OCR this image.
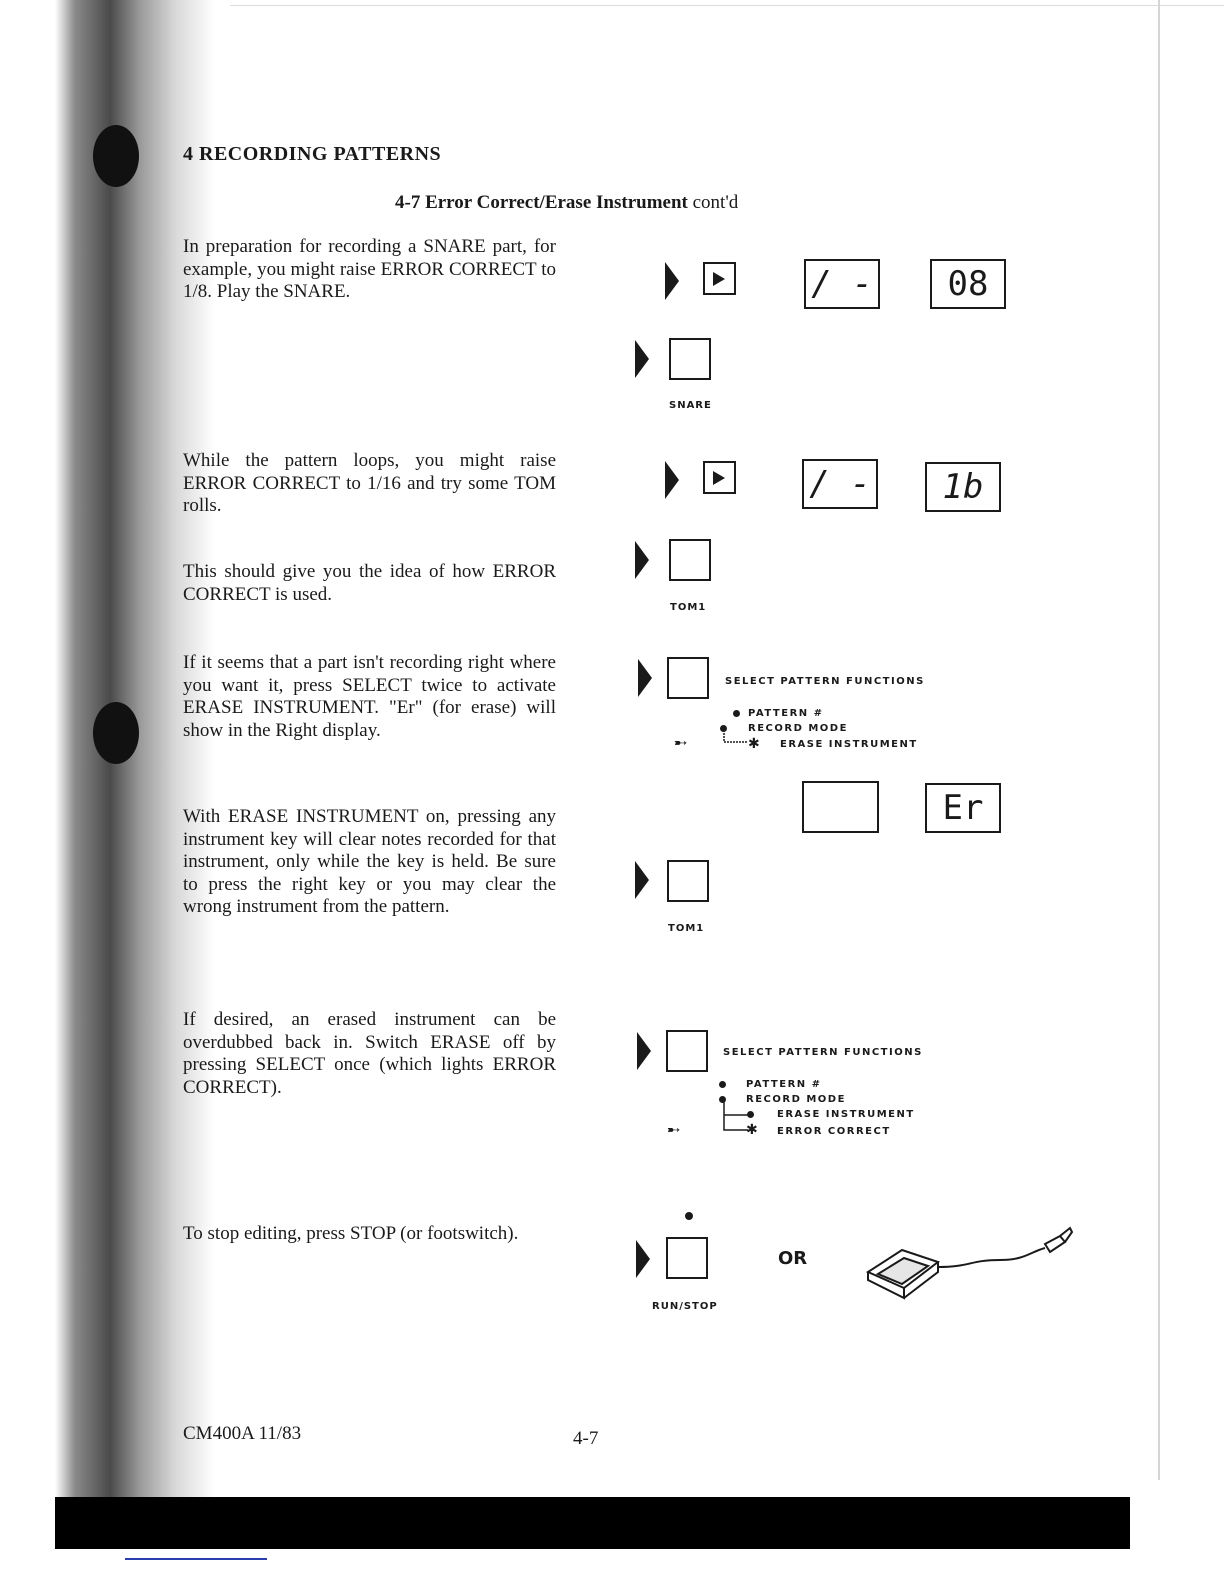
4 RECORDING PATTERNS
4-7 Error Correct/Erase Instrument cont'd
In preparation for recording a SNARE part, for example, you might raise ERROR CORRECT to 1/8. Play the SNARE.
While the pattern loops, you might raise ERROR CORRECT to 1/16 and try some TOM rolls.
This should give you the idea of how ERROR CORRECT is used.
If it seems that a part isn't recording right where you want it, press SELECT twice to activate ERASE INSTRUMENT. "Er" (for erase) will show in the Right display.
With ERASE INSTRUMENT on, pressing any instrument key will clear notes recorded for that instrument, only while the key is held. Be sure to press the right key or you may clear the wrong instrument from the pattern.
If desired, an erased instrument can be overdubbed back in. Switch ERASE off by pressing SELECT once (which lights ERROR CORRECT).
To stop editing, press STOP (or footswitch).
/ -	08
SNARE
/ -	1b
TOM1
SELECT PATTERN FUNCTIONS
PATTERN #
RECORD MODE
✱ ERASE INSTRUMENT
➸
Er
TOM1
SELECT PATTERN FUNCTIONS
PATTERN #
RECORD MODE
ERASE INSTRUMENT
✱ ERROR CORRECT
➸
RUN/STOP
OR
CM400A 11/83	4-7
